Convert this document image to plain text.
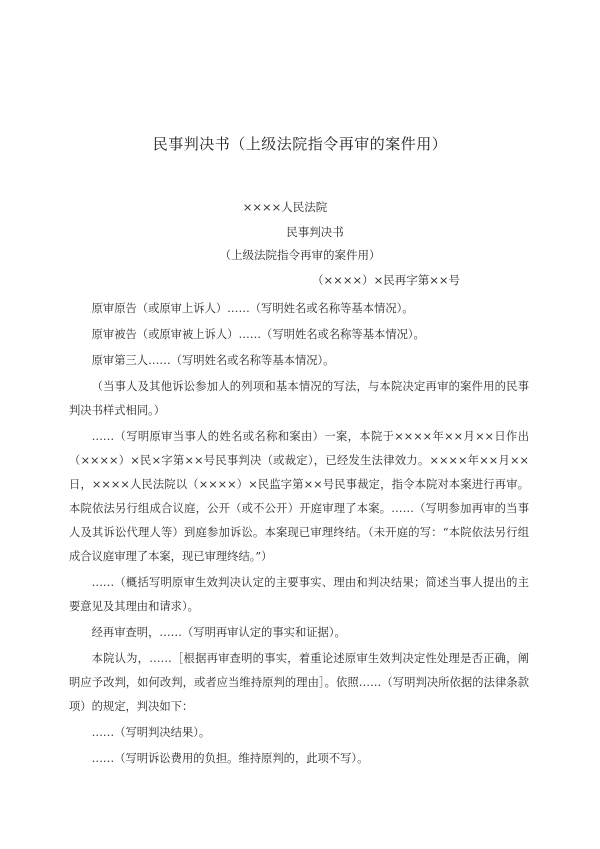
民事判决书（上级法院指令再审的案件用）
××××人民法院
民事判决书
（上级法院指令再审的案件用）
（××××）×民再字第××号

原审原告（或原审上诉人）……（写明姓名或名称等基本情况）。

原审被告（或原审被上诉人）……（写明姓名或名称等基本情况）。

原审第三人……（写明姓名或名称等基本情况）。

（当事人及其他诉讼参加人的列项和基本情况的写法，与本院决定再审的案件用的民事判决书样式相同。）

……（写明原审当事人的姓名或名称和案由）一案，本院于××××年××月××日作出（××××）×民×字第××号民事判决（或裁定），已经发生法律效力。××××年××月××日，××××人民法院以（××××）×民监字第××号民事裁定，指令本院对本案进行再审。本院依法另行组成合议庭，公开（或不公开）开庭审理了本案。……（写明参加再审的当事人及其诉讼代理人等）到庭参加诉讼。本案现已审理终结。（未开庭的写：“本院依法另行组成合议庭审理了本案，现已审理终结。”）

……（概括写明原审生效判决认定的主要事实、理由和判决结果；简述当事人提出的主要意见及其理由和请求）。

经再审查明，……（写明再审认定的事实和证据）。

本院认为，……［根据再审查明的事实，着重论述原审生效判决定性处理是否正确，阐明应予改判，如何改判，或者应当维持原判的理由］。依照……（写明判决所依据的法律条款项）的规定，判决如下：

……（写明判决结果）。

……（写明诉讼费用的负担。维持原判的，此项不写）。
